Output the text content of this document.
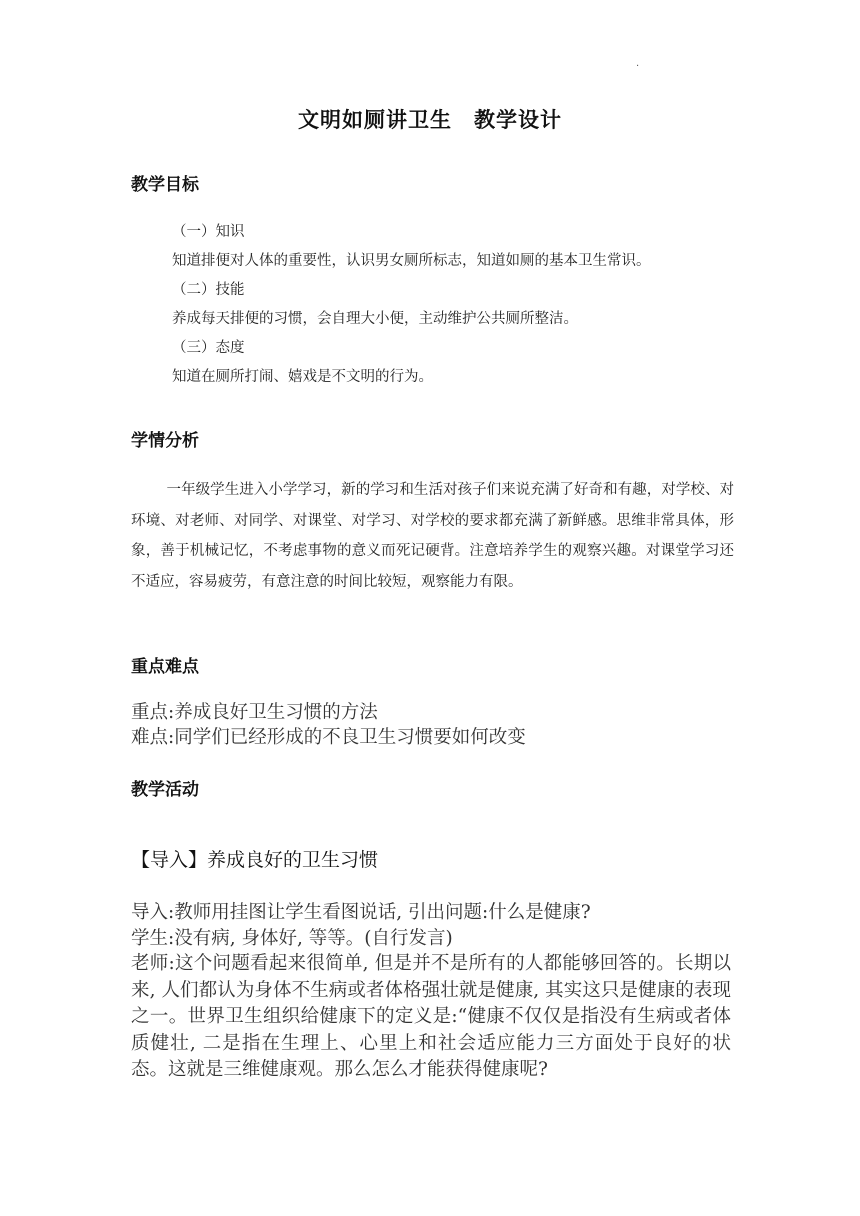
.
文明如厕讲卫生　教学设计
教学目标
（一）知识
知道排便对人体的重要性，认识男女厕所标志，知道如厕的基本卫生常识。
（二）技能
养成每天排便的习惯，会自理大小便，主动维护公共厕所整洁。
（三）态度
知道在厕所打闹、嬉戏是不文明的行为。
学情分析
一年级学生进入小学学习，新的学习和生活对孩子们来说充满了好奇和有趣，对学校、对环境、对老师、对同学、对课堂、对学习、对学校的要求都充满了新鲜感。思维非常具体，形象，善于机械记忆，不考虑事物的意义而死记硬背。注意培养学生的观察兴趣。对课堂学习还不适应，容易疲劳，有意注意的时间比较短，观察能力有限。
重点难点
重点:养成良好卫生习惯的方法
难点:同学们已经形成的不良卫生习惯要如何改变
教学活动
【导入】养成良好的卫生习惯
导入:教师用挂图让学生看图说话, 引出问题:什么是健康?
学生:没有病, 身体好, 等等。(自行发言)
老师:这个问题看起来很简单, 但是并不是所有的人都能够回答的。长期以来, 人们都认为身体不生病或者体格强壮就是健康, 其实这只是健康的表现之一。世界卫生组织给健康下的定义是:“健康不仅仅是指没有生病或者体质健壮, 二是指在生理上、心里上和社会适应能力三方面处于良好的状态。这就是三维健康观。那么怎么才能获得健康呢?
